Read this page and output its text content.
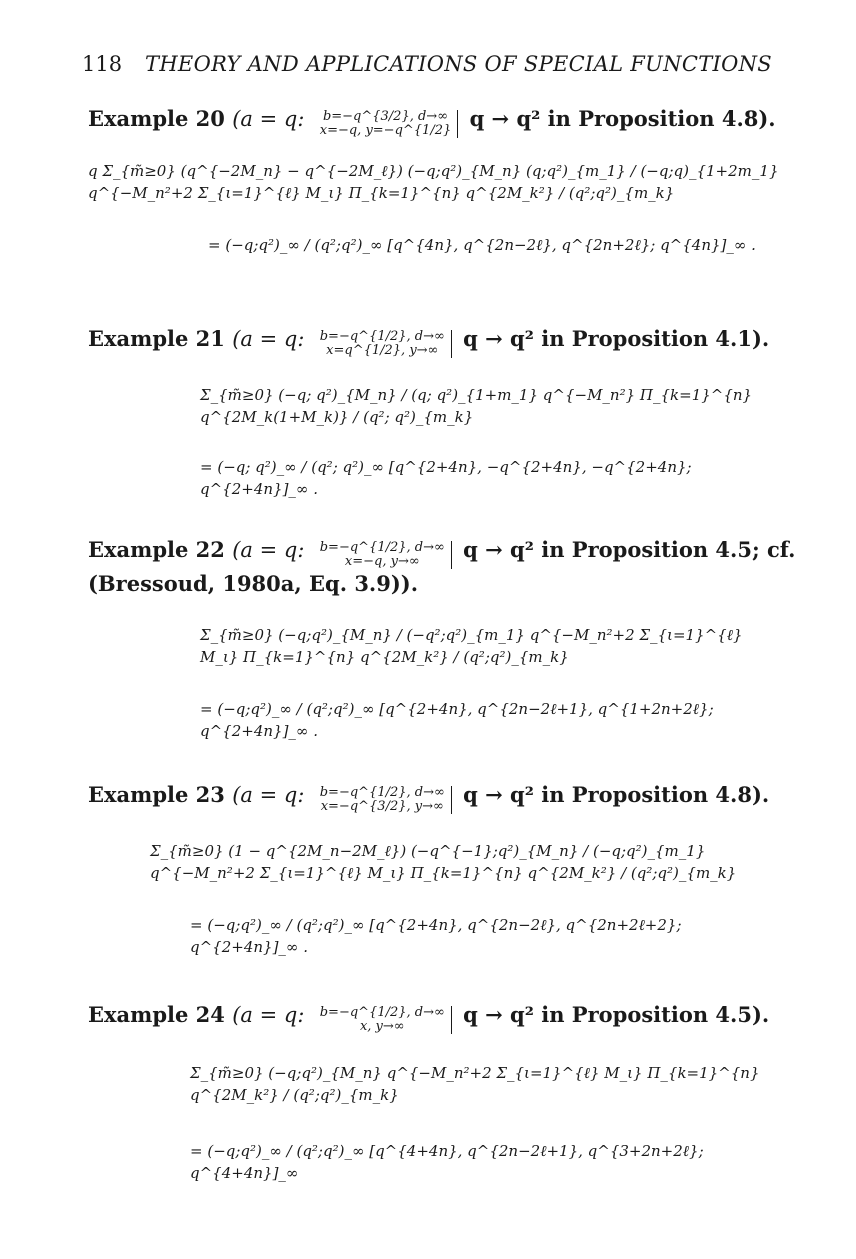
118 THEORY AND APPLICATIONS OF SPECIAL FUNCTIONS
Example 20 (a = q: b=−q^{3/2}, d→∞
x=−q, y=−q^{1/2} q → q² in Proposition 4.8).
q Σ_{m̃≥0} (q^{−2M_n} − q^{−2M_ℓ}) (−q;q²)_{M_n} (q;q²)_{m_1} / (−q;q)_{1+2m_1} q^{−M_n²+2 Σ_{ι=1}^{ℓ} M_ι} Π_{k=1}^{n} q^{2M_k²} / (q²;q²)_{m_k}
= (−q;q²)_∞ / (q²;q²)_∞ [q^{4n}, q^{2n−2ℓ}, q^{2n+2ℓ}; q^{4n}]_∞ .
Example 21 (a = q: b=−q^{1/2}, d→∞
x=q^{1/2}, y→∞ q → q² in Proposition 4.1).
Σ_{m̃≥0} (−q; q²)_{M_n} / (q; q²)_{1+m_1} q^{−M_n²} Π_{k=1}^{n} q^{2M_k(1+M_k)} / (q²; q²)_{m_k}
= (−q; q²)_∞ / (q²; q²)_∞ [q^{2+4n}, −q^{2+4n}, −q^{2+4n}; q^{2+4n}]_∞ .
Example 22 (a = q: b=−q^{1/2}, d→∞
x=−q, y→∞ q → q² in Proposition 4.5; cf.
(Bressoud, 1980a, Eq. 3.9)).
Σ_{m̃≥0} (−q;q²)_{M_n} / (−q²;q²)_{m_1} q^{−M_n²+2 Σ_{ι=1}^{ℓ} M_ι} Π_{k=1}^{n} q^{2M_k²} / (q²;q²)_{m_k}
= (−q;q²)_∞ / (q²;q²)_∞ [q^{2+4n}, q^{2n−2ℓ+1}, q^{1+2n+2ℓ}; q^{2+4n}]_∞ .
Example 23 (a = q: b=−q^{1/2}, d→∞
x=−q^{3/2}, y→∞ q → q² in Proposition 4.8).
Σ_{m̃≥0} (1 − q^{2M_n−2M_ℓ}) (−q^{−1};q²)_{M_n} / (−q;q²)_{m_1} q^{−M_n²+2 Σ_{ι=1}^{ℓ} M_ι} Π_{k=1}^{n} q^{2M_k²} / (q²;q²)_{m_k}
= (−q;q²)_∞ / (q²;q²)_∞ [q^{2+4n}, q^{2n−2ℓ}, q^{2n+2ℓ+2}; q^{2+4n}]_∞ .
Example 24 (a = q: b=−q^{1/2}, d→∞
x, y→∞	q → q² in Proposition 4.5).
Σ_{m̃≥0} (−q;q²)_{M_n} q^{−M_n²+2 Σ_{ι=1}^{ℓ} M_ι} Π_{k=1}^{n} q^{2M_k²} / (q²;q²)_{m_k}
= (−q;q²)_∞ / (q²;q²)_∞ [q^{4+4n}, q^{2n−2ℓ+1}, q^{3+2n+2ℓ}; q^{4+4n}]_∞
